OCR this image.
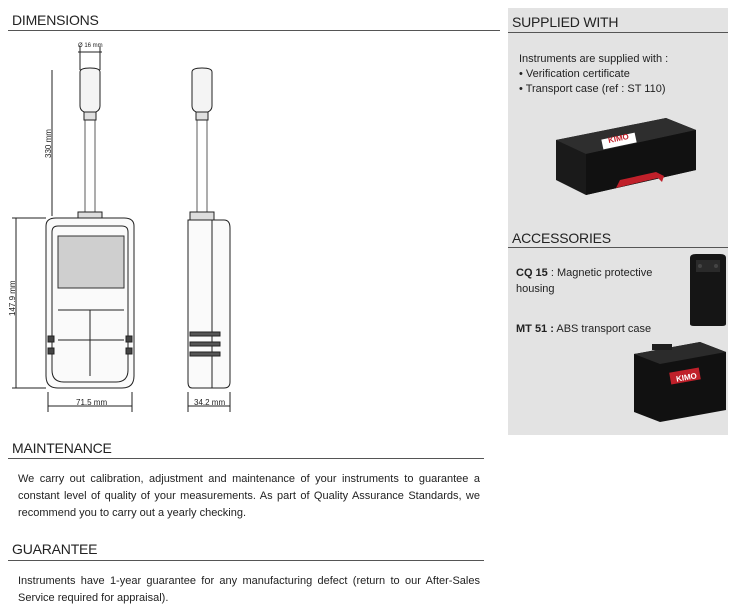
DIMENSIONS
Ø 16 mm
330 mm
147.9 mm
71.5 mm	34.2 mm
SUPPLIED WITH
Instruments are supplied with :
• Verification certificate
• Transport case (ref : ST 110)
KIMO
ACCESSORIES
CQ 15 : Magnetic protective
housing
MT 51 : ABS transport case
KIMO
MAINTENANCE
We carry out calibration, adjustment and maintenance of your instruments to guarantee a constant level of quality of your measurements. As part of Quality Assurance Standards, we recommend you to carry out a yearly checking.
GUARANTEE
Instruments have 1-year guarantee for any manufacturing defect (return to our After-Sales Service required for appraisal).
